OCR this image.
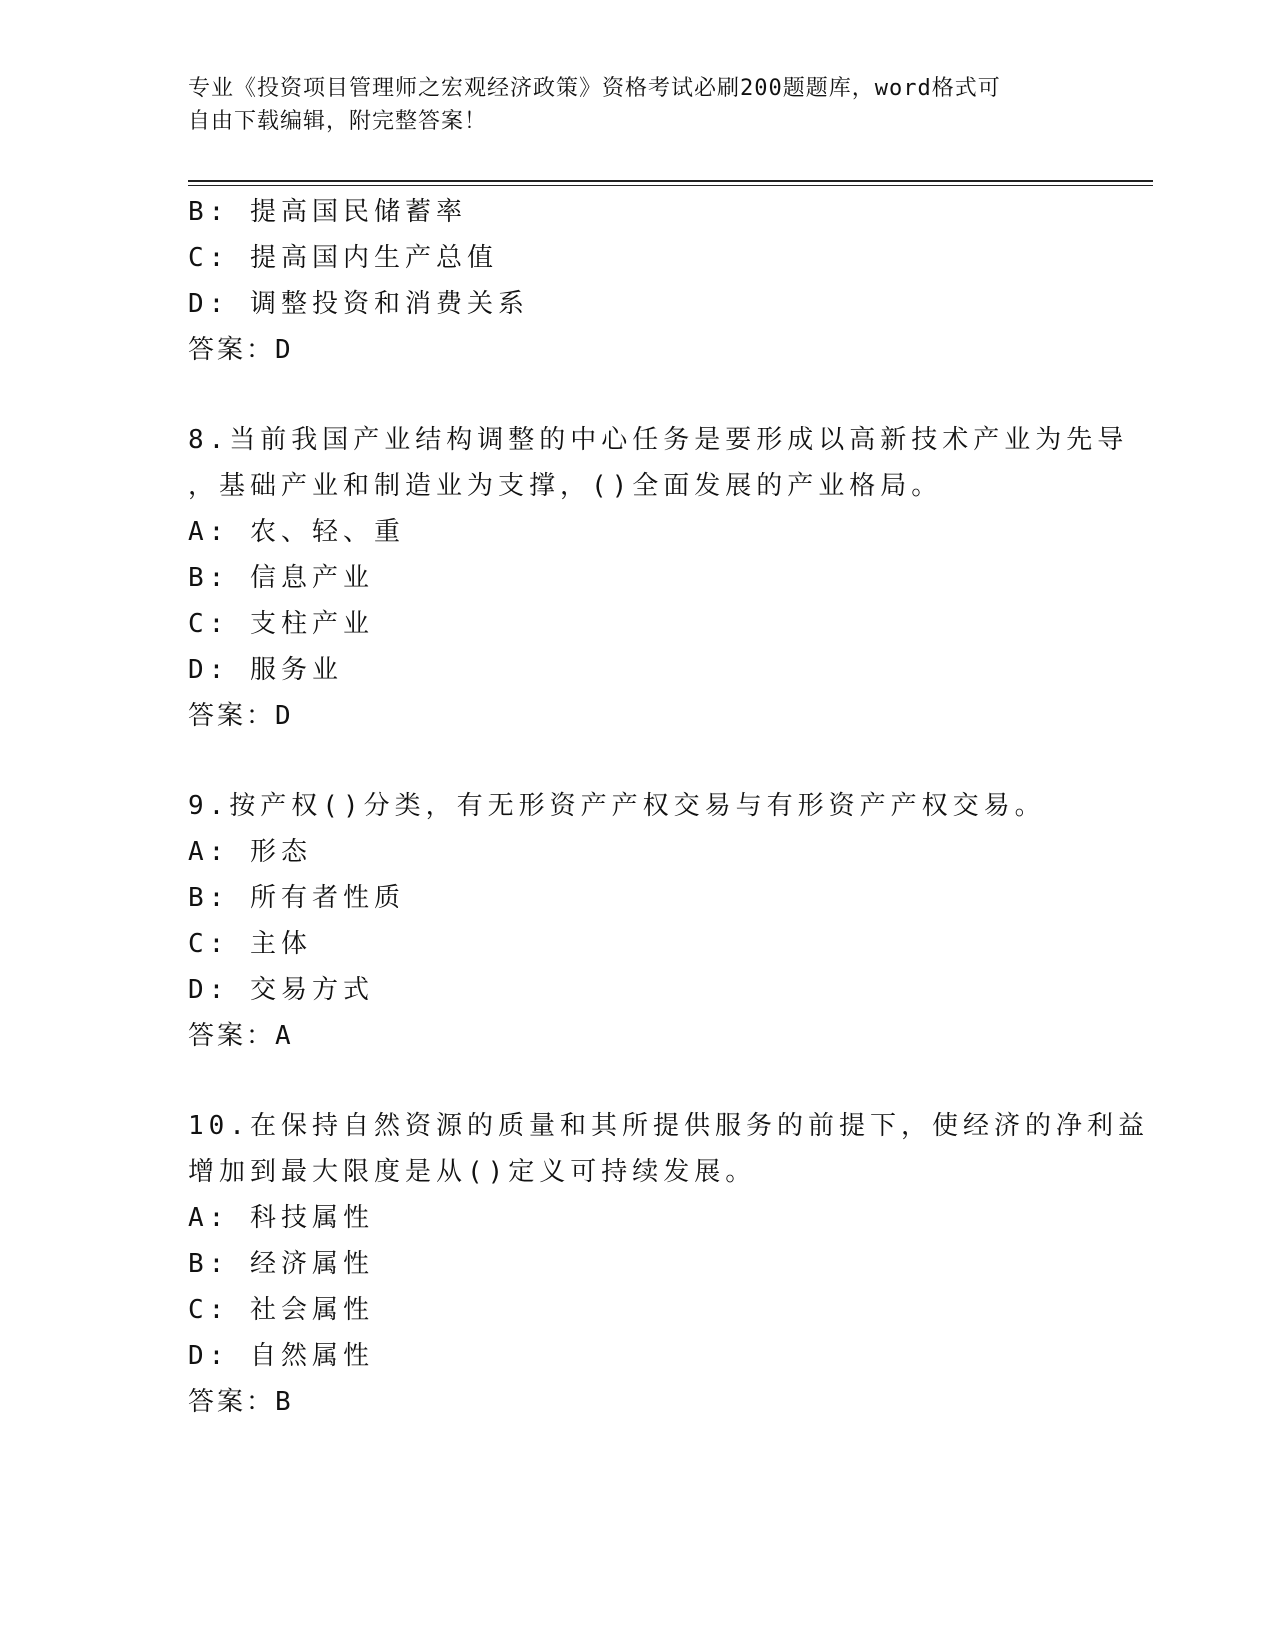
专业《投资项目管理师之宏观经济政策》资格考试必刷200题题库，word格式可
自由下载编辑，附完整答案！
B: 提高国民储蓄率
C: 提高国内生产总值
D: 调整投资和消费关系
答案：D
8.当前我国产业结构调整的中心任务是要形成以高新技术产业为先导
，基础产业和制造业为支撑，()全面发展的产业格局。
A: 农、轻、重
B: 信息产业
C: 支柱产业
D: 服务业
答案：D
9.按产权()分类，有无形资产产权交易与有形资产产权交易。
A: 形态
B: 所有者性质
C: 主体
D: 交易方式
答案：A
10.在保持自然资源的质量和其所提供服务的前提下，使经济的净利益
增加到最大限度是从()定义可持续发展。
A: 科技属性
B: 经济属性
C: 社会属性
D: 自然属性
答案：B
